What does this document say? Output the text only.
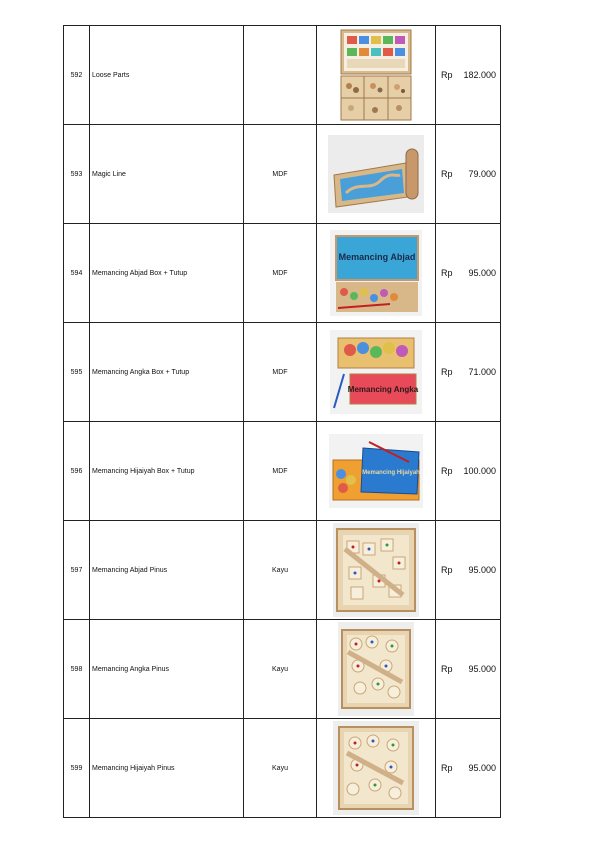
592	Loose Parts			Rp 182.000

593	Magic Line	MDF		Rp 79.000

594	Memancing Abjad Box + Tutup	MDF	Memancing Abjad	Rp 95.000

595	Memancing Angka Box + Tutup	MDF	Memancing Angka	Rp 71.000

596	Memancing Hijaiyah Box + Tutup	MDF	Memancing Hijaiyah	Rp 100.000

597	Memancing Abjad Pinus	Kayu		Rp 95.000

598	Memancing Angka Pinus	Kayu		Rp 95.000

599	Memancing Hijaiyah Pinus	Kayu		Rp 95.000
